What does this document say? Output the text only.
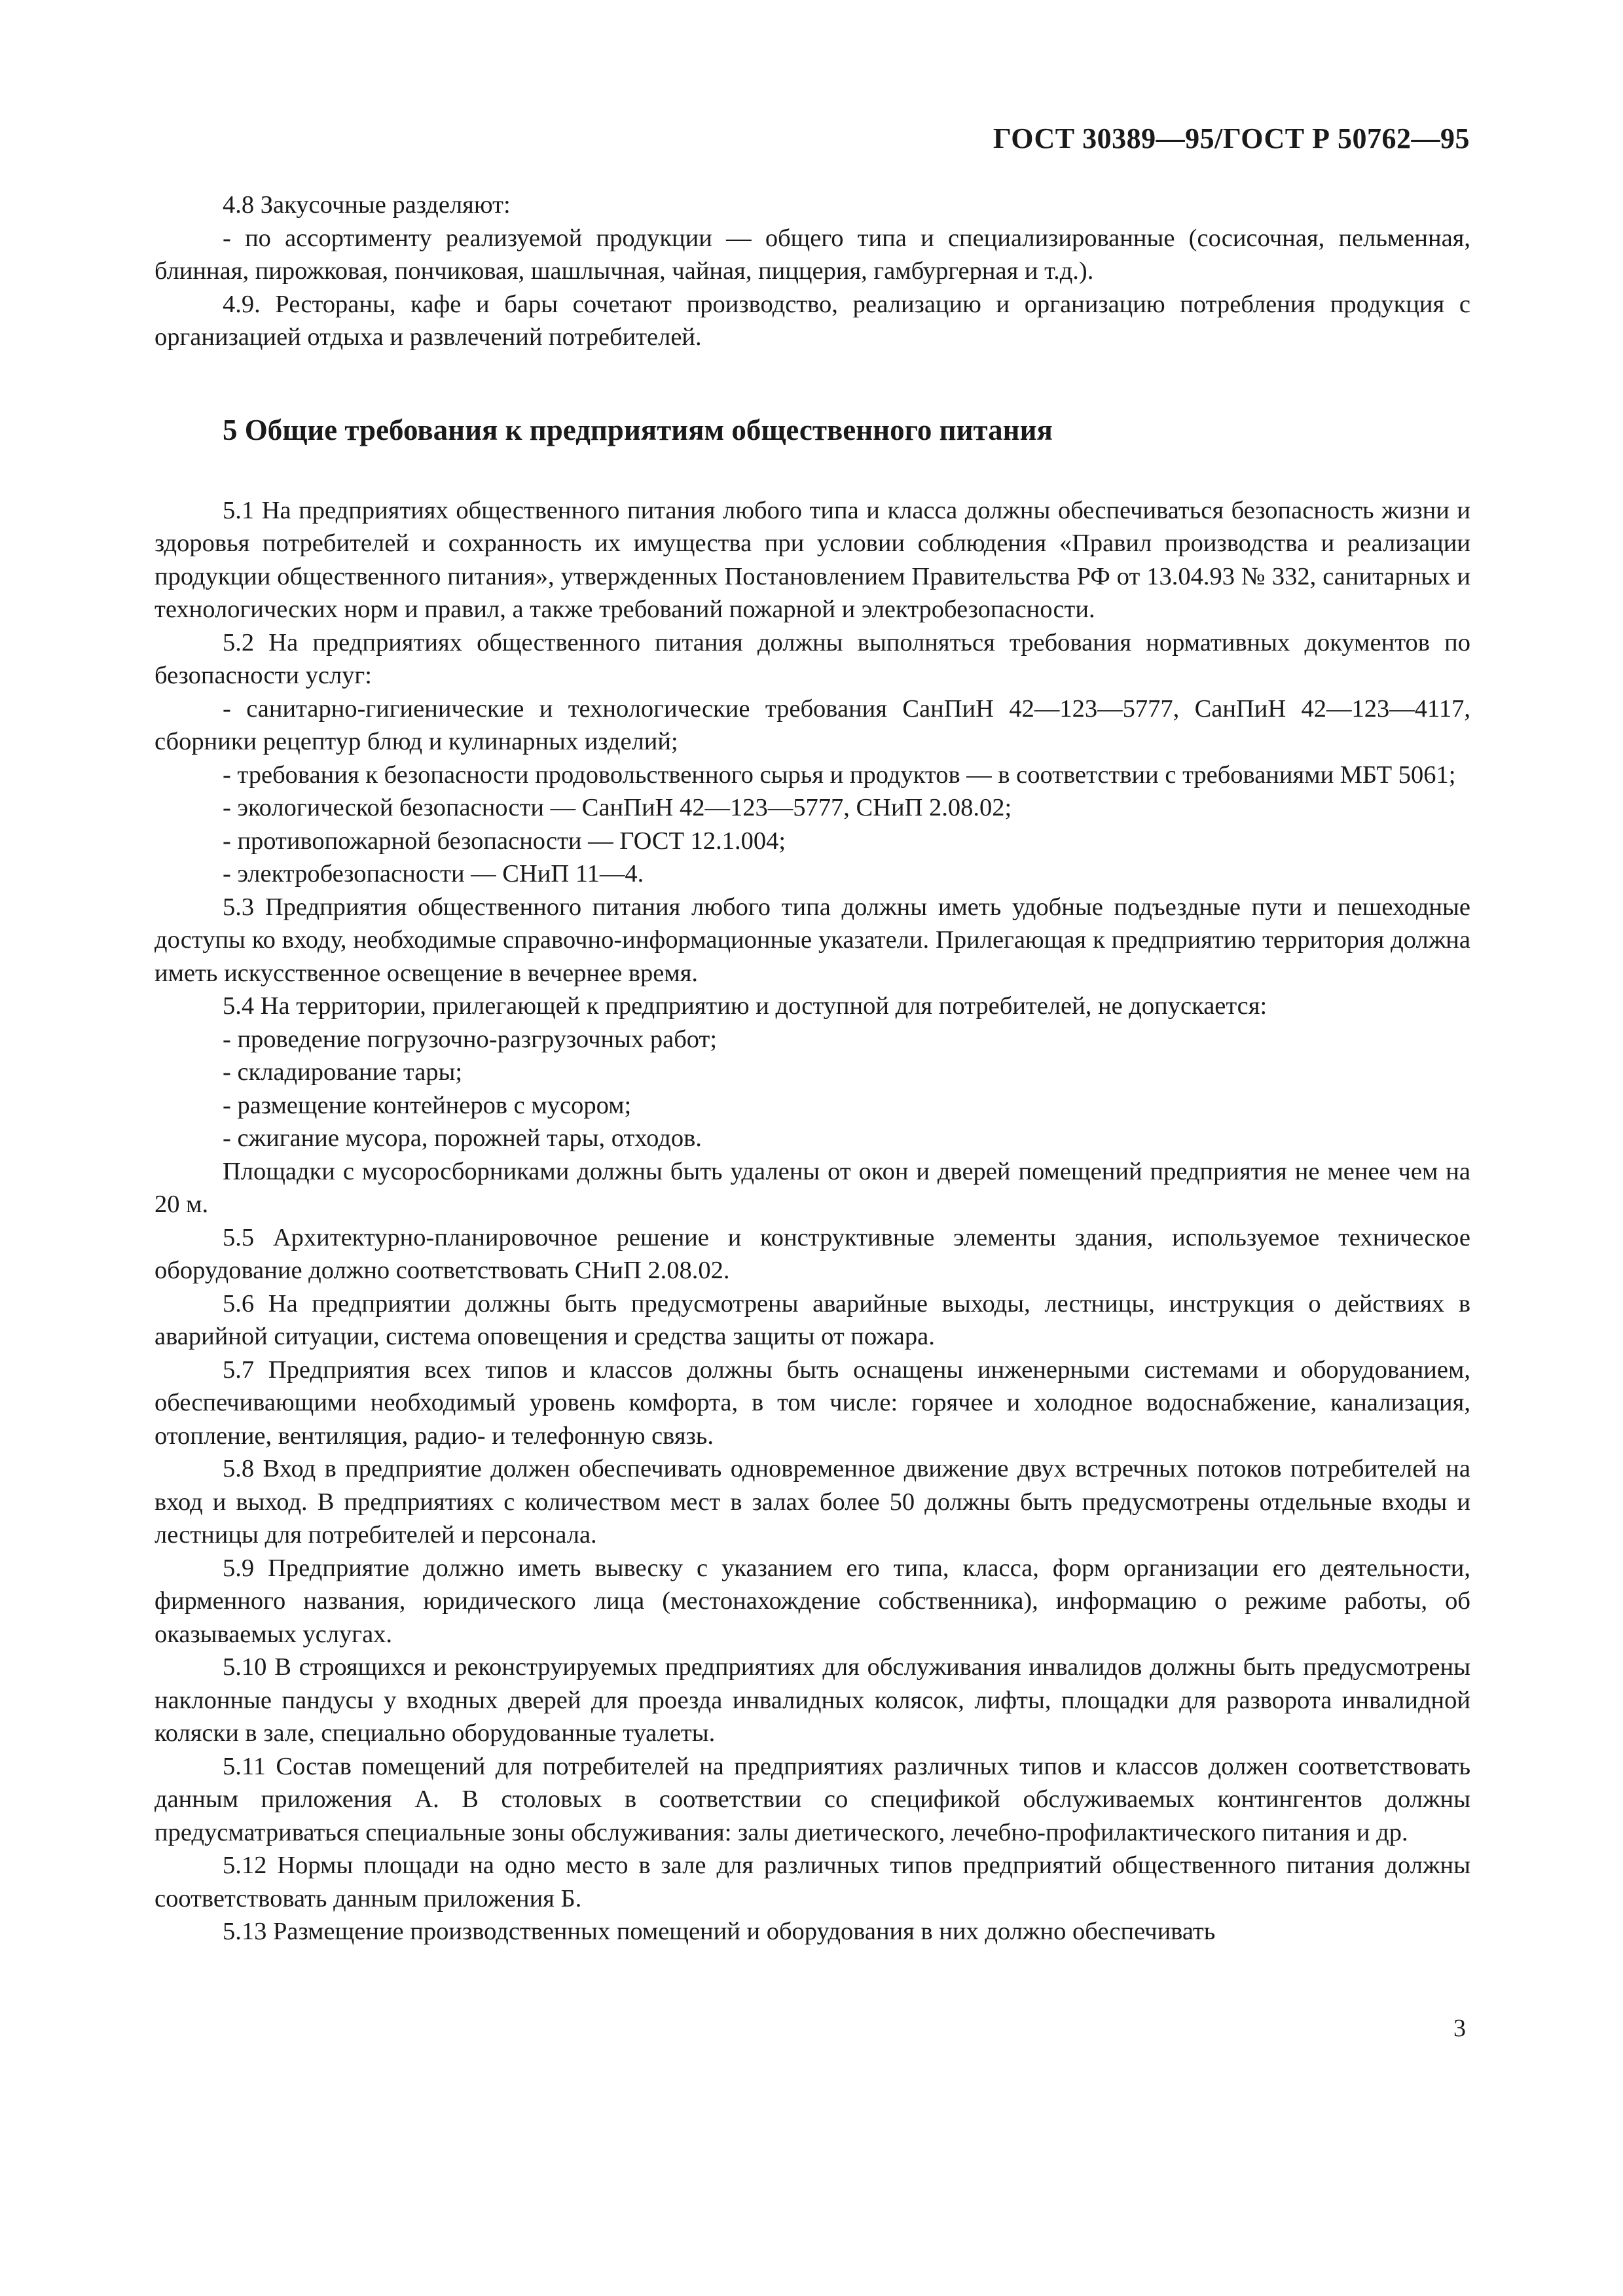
ГОСТ 30389—95/ГОСТ Р 50762—95

4.8 Закусочные разделяют:

- по ассортименту реализуемой продукции — общего типа и специализированные (сосисочная, пельменная, блинная, пирожковая, пончиковая, шашлычная, чайная, пиццерия, гамбургерная и т.д.).

4.9. Рестораны, кафе и бары сочетают производство, реализацию и организацию потребления продукция с организацией отдыха и развлечений потребителей.

5 Общие требования к предприятиям общественного питания

5.1 На предприятиях общественного питания любого типа и класса должны обеспечиваться безопасность жизни и здоровья потребителей и сохранность их имущества при условии соблюдения «Правил производства и реализации продукции общественного питания», утвержденных Постановлением Правительства РФ от 13.04.93 № 332, санитарных и технологических норм и правил, а также требований пожарной и электробезопасности.

5.2 На предприятиях общественного питания должны выполняться требования нормативных документов по безопасности услуг:

- санитарно-гигиенические и технологические требования СанПиН 42—123—5777, СанПиН 42—123—4117, сборники рецептур блюд и кулинарных изделий;

- требования к безопасности продовольственного сырья и продуктов — в соответствии с требованиями МБТ 5061;

- экологической безопасности — СанПиН 42—123—5777, СНиП 2.08.02;

- противопожарной безопасности — ГОСТ 12.1.004;

- электробезопасности — СНиП 11—4.

5.3 Предприятия общественного питания любого типа должны иметь удобные подъездные пути и пешеходные доступы ко входу, необходимые справочно-информационные указатели. Прилегающая к предприятию территория должна иметь искусственное освещение в вечернее время.

5.4 На территории, прилегающей к предприятию и доступной для потребителей, не допускается:

- проведение погрузочно-разгрузочных работ;

- складирование тары;

- размещение контейнеров с мусором;

- сжигание мусора, порожней тары, отходов.

Площадки с мусоросборниками должны быть удалены от окон и дверей помещений предприятия не менее чем на 20 м.

5.5 Архитектурно-планировочное решение и конструктивные элементы здания, используемое техническое оборудование должно соответствовать СНиП 2.08.02.

5.6 На предприятии должны быть предусмотрены аварийные выходы, лестницы, инструкция о действиях в аварийной ситуации, система оповещения и средства защиты от пожара.

5.7 Предприятия всех типов и классов должны быть оснащены инженерными системами и оборудованием, обеспечивающими необходимый уровень комфорта, в том числе: горячее и холодное водоснабжение, канализация, отопление, вентиляция, радио- и телефонную связь.

5.8 Вход в предприятие должен обеспечивать одновременное движение двух встречных потоков потребителей на вход и выход. В предприятиях с количеством мест в залах более 50 должны быть предусмотрены отдельные входы и лестницы для потребителей и персонала.

5.9 Предприятие должно иметь вывеску с указанием его типа, класса, форм организации его деятельности, фирменного названия, юридического лица (местонахождение собственника), информацию о режиме работы, об оказываемых услугах.

5.10 В строящихся и реконструируемых предприятиях для обслуживания инвалидов должны быть предусмотрены наклонные пандусы у входных дверей для проезда инвалидных колясок, лифты, площадки для разворота инвалидной коляски в зале, специально оборудованные туалеты.

5.11 Состав помещений для потребителей на предприятиях различных типов и классов должен соответствовать данным приложения А. В столовых в соответствии со спецификой обслуживаемых контингентов должны предусматриваться специальные зоны обслуживания: залы диетического, лечебно-профилактического питания и др.

5.12 Нормы площади на одно место в зале для различных типов предприятий общественного питания должны соответствовать данным приложения Б.

5.13 Размещение производственных помещений и оборудования в них должно обеспечивать

3
